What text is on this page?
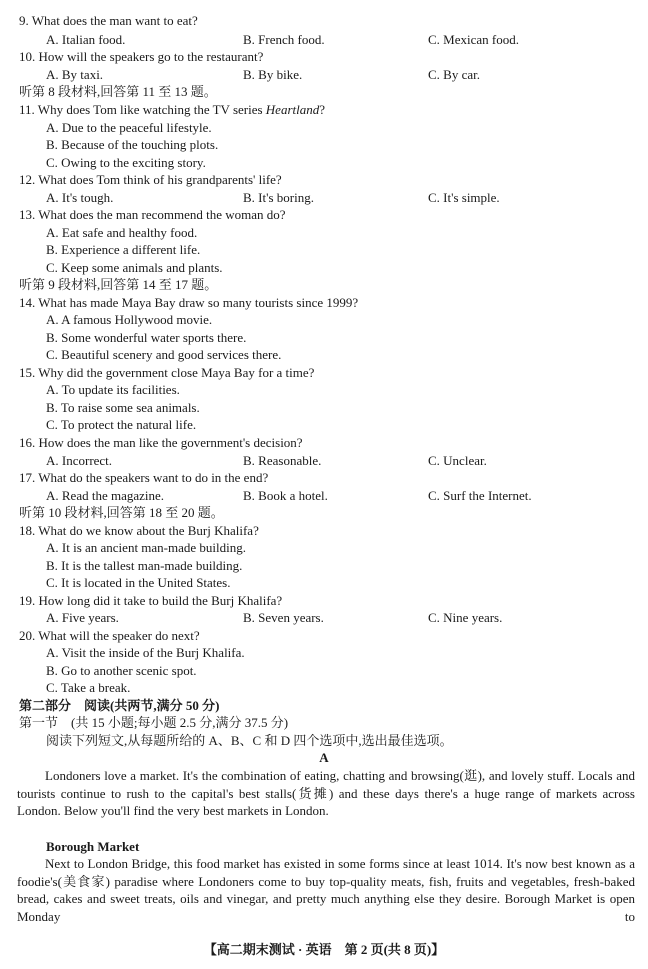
9. What does the man want to eat?
A. Italian food.	B. French food.	C. Mexican food.
10. How will the speakers go to the restaurant?
A. By taxi.	B. By bike.	C. By car.
听第 8 段材料,回答第 11 至 13 题。
11. Why does Tom like watching the TV series Heartland?
A. Due to the peaceful lifestyle.
B. Because of the touching plots.
C. Owing to the exciting story.
12. What does Tom think of his grandparents' life?
A. It's tough.	B. It's boring.	C. It's simple.
13. What does the man recommend the woman do?
A. Eat safe and healthy food.
B. Experience a different life.
C. Keep some animals and plants.
听第 9 段材料,回答第 14 至 17 题。
14. What has made Maya Bay draw so many tourists since 1999?
A. A famous Hollywood movie.
B. Some wonderful water sports there.
C. Beautiful scenery and good services there.
15. Why did the government close Maya Bay for a time?
A. To update its facilities.
B. To raise some sea animals.
C. To protect the natural life.
16. How does the man like the government's decision?
A. Incorrect.	B. Reasonable.	C. Unclear.
17. What do the speakers want to do in the end?
A. Read the magazine.	B. Book a hotel.	C. Surf the Internet.
听第 10 段材料,回答第 18 至 20 题。
18. What do we know about the Burj Khalifa?
A. It is an ancient man-made building.
B. It is the tallest man-made building.
C. It is located in the United States.
19. How long did it take to build the Burj Khalifa?
A. Five years.	B. Seven years.	C. Nine years.
20. What will the speaker do next?
A. Visit the inside of the Burj Khalifa.
B. Go to another scenic spot.
C. Take a break.
第二部分　阅读(共两节,满分 50 分)
第一节　(共 15 小题;每小题 2.5 分,满分 37.5 分)
阅读下列短文,从每题所给的 A、B、C 和 D 四个选项中,选出最佳选项。
A

Londoners love a market. It's the combination of eating, chatting and browsing(逛), and lovely stuff. Locals and tourists continue to rush to the capital's best stalls(货摊) and these days there's a huge range of markets across London. Below you'll find the very best markets in London.

Borough Market

Next to London Bridge, this food market has existed in some forms since at least 1014. It's now best known as a foodie's(美食家) paradise where Londoners come to buy top-quality meats, fish, fruits and vegetables, fresh-baked bread, cakes and sweet treats, oils and vinegar, and pretty much anything else they desire. Borough Market is open Monday to

【高二期末测试 · 英语　第 2 页(共 8 页)】
